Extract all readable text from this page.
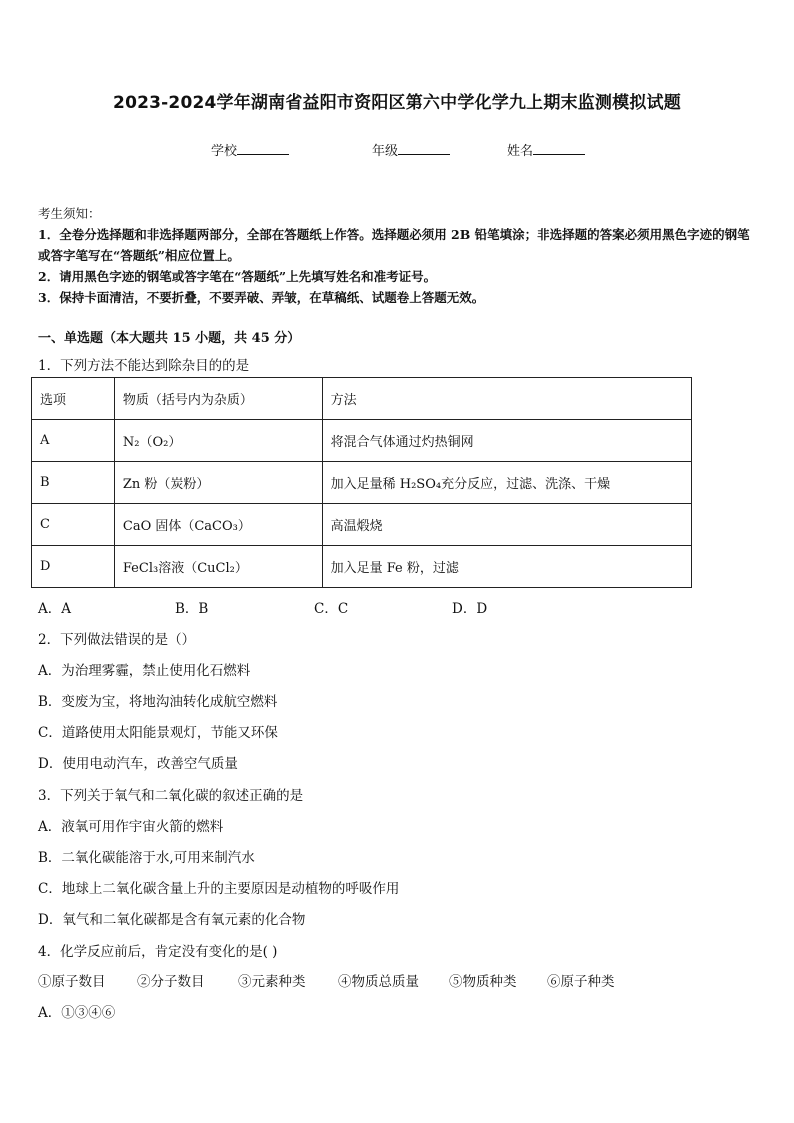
2023-2024学年湖南省益阳市资阳区第六中学化学九上期末监测模拟试题
学校	年级	姓名
考生须知：
1．全卷分选择题和非选择题两部分，全部在答题纸上作答。选择题必须用 2B 铅笔填涂；非选择题的答案必须用黑色字迹的钢笔或答字笔写在“答题纸”相应位置上。
2．请用黑色字迹的钢笔或答字笔在“答题纸”上先填写姓名和准考证号。
3．保持卡面清洁，不要折叠，不要弄破、弄皱，在草稿纸、试题卷上答题无效。
一、单选题（本大题共 15 小题，共 45 分）
1．下列方法不能达到除杂目的的是
选项	物质（括号内为杂质）	方法
A	N₂（O₂）	将混合气体通过灼热铜网
B	Zn 粉（炭粉）	加入足量稀 H₂SO₄充分反应，过滤、洗涤、干燥
C	CaO 固体（CaCO₃）	高温煅烧
D	FeCl₃溶液（CuCl₂）	加入足量 Fe 粉，过滤
A．A	B．B	C．C	D．D
2．下列做法错误的是（）
A．为治理雾霾，禁止使用化石燃料
B．变废为宝，将地沟油转化成航空燃料
C．道路使用太阳能景观灯，节能又环保
D．使用电动汽车，改善空气质量
3．下列关于氧气和二氧化碳的叙述正确的是
A．液氧可用作宇宙火箭的燃料
B．二氧化碳能溶于水,可用来制汽水
C．地球上二氧化碳含量上升的主要原因是动植物的呼吸作用
D．氧气和二氧化碳都是含有氧元素的化合物
4．化学反应前后，肯定没有变化的是( )
①原子数目 ②分子数目 ③元素种类 ④物质总质量 ⑤物质种类 ⑥原子种类
A．①③④⑥
